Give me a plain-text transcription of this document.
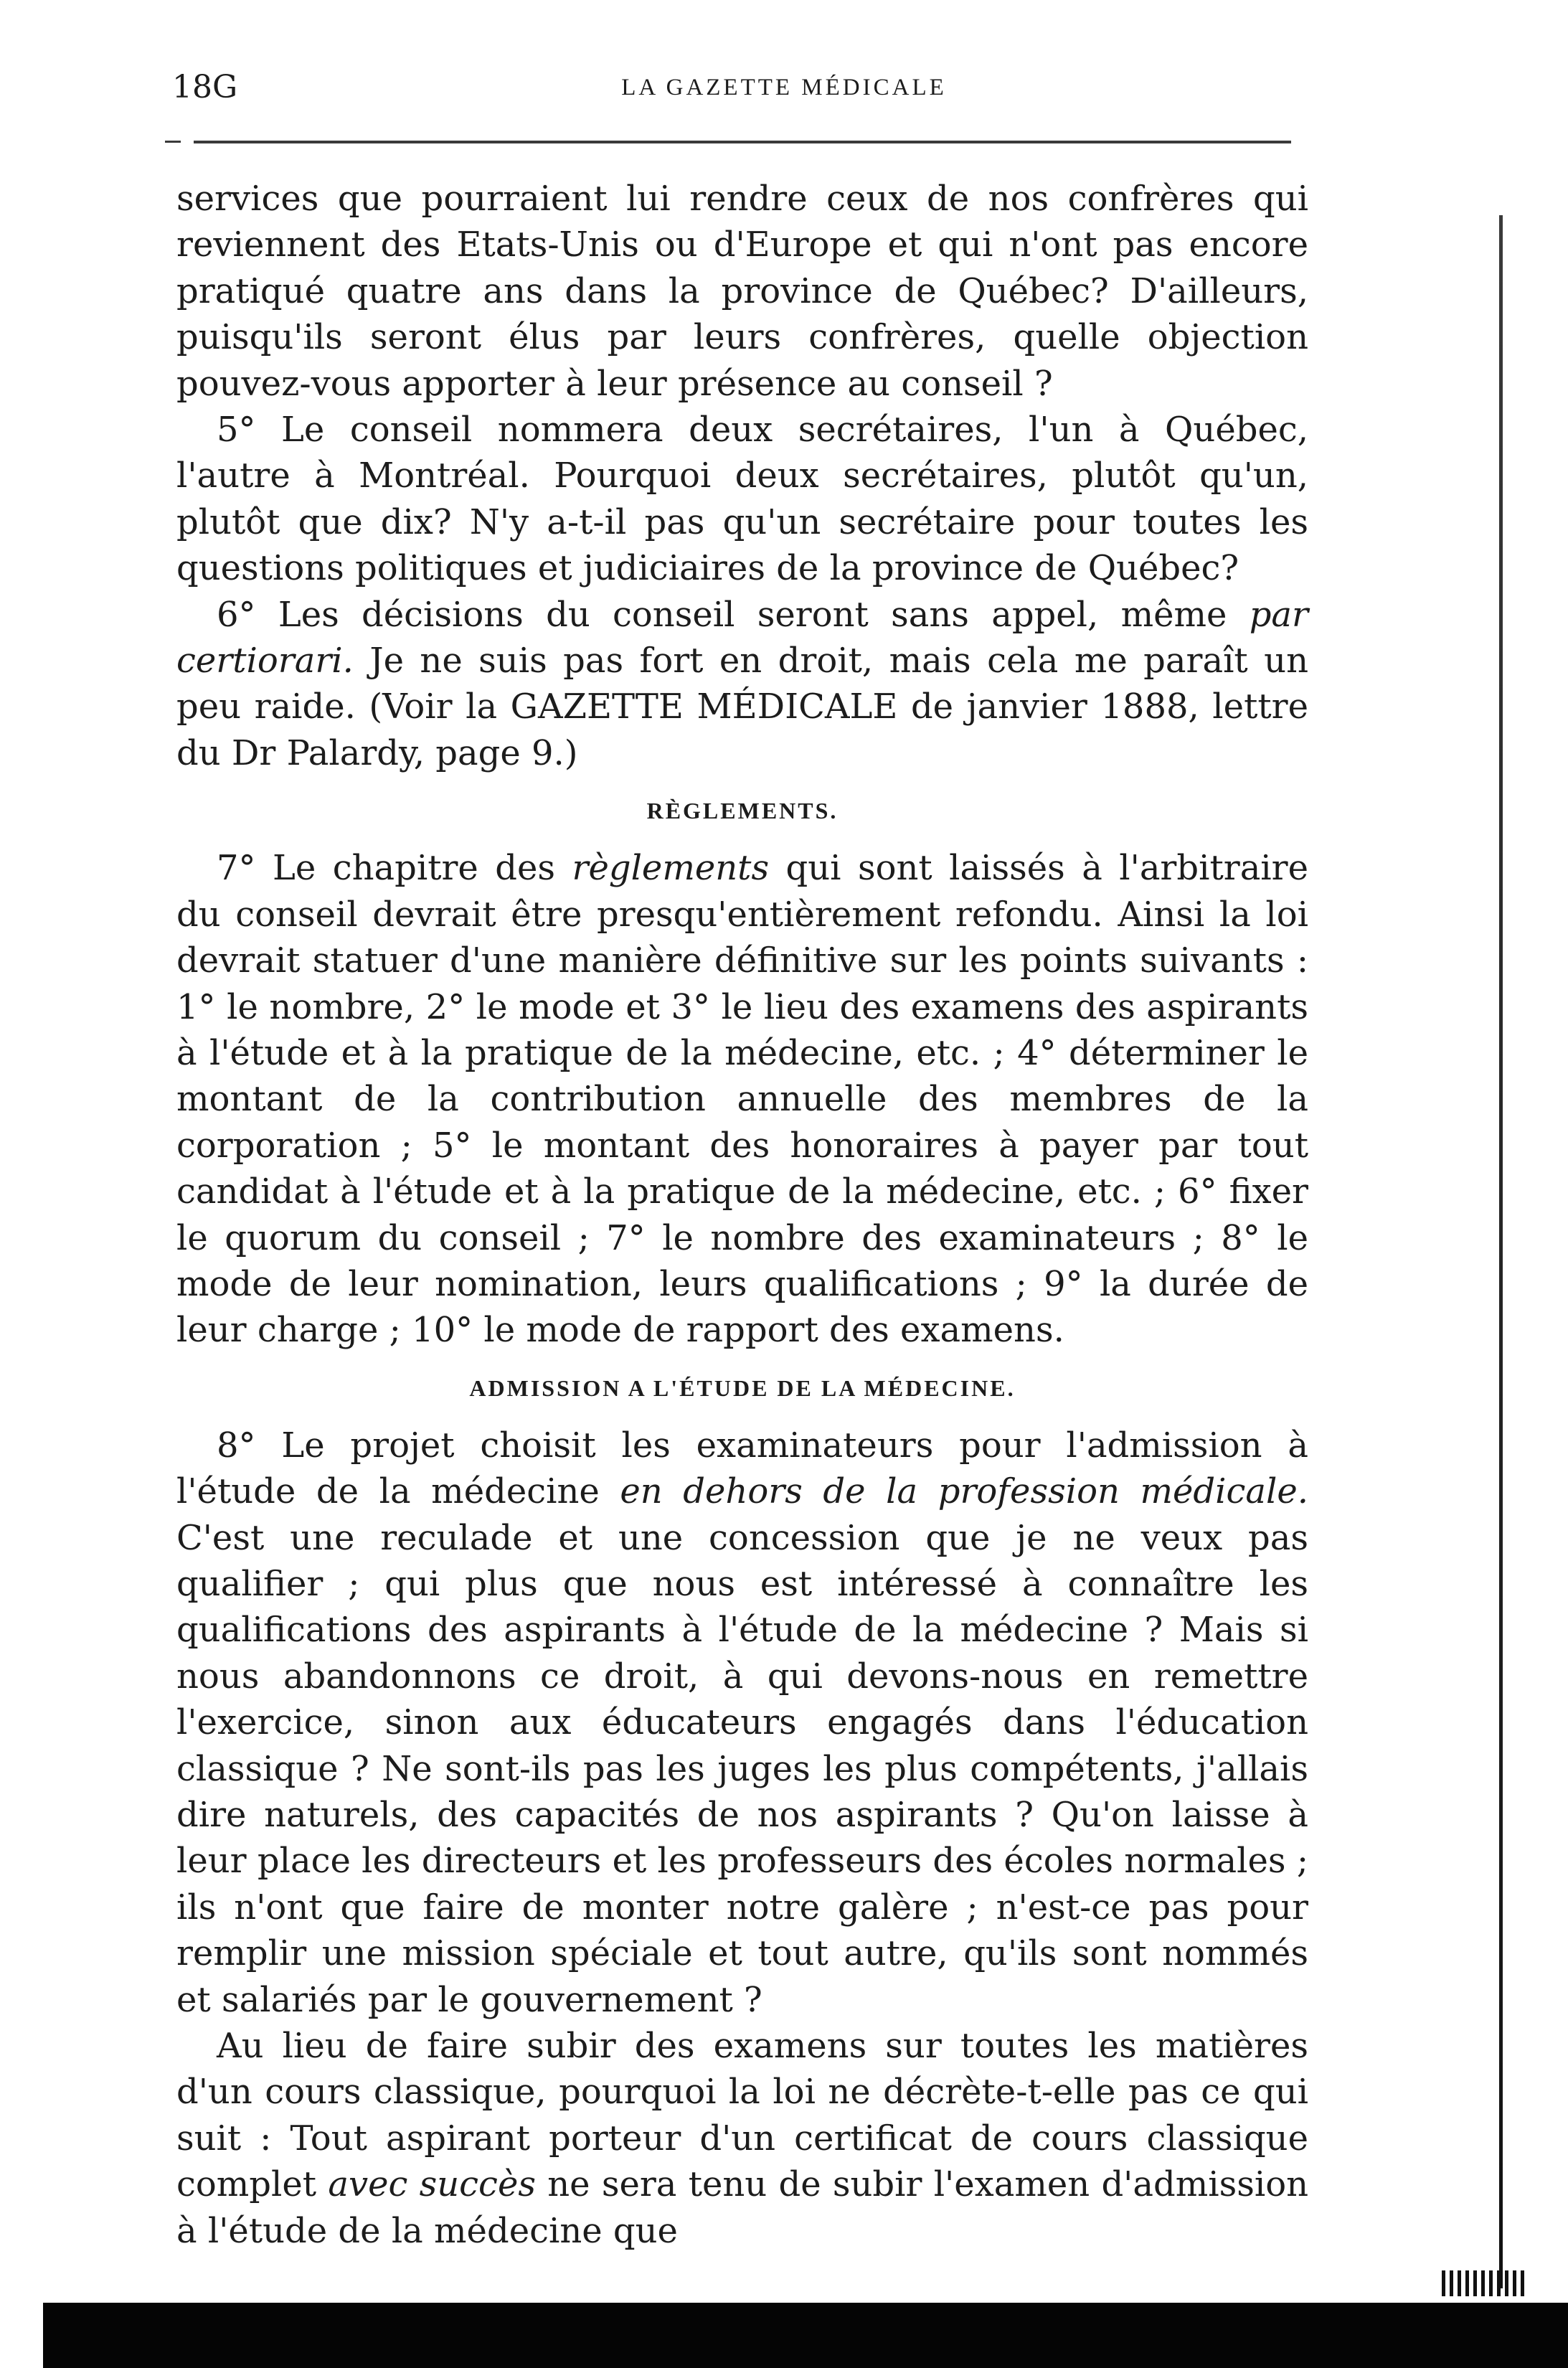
18G	LA GAZETTE MÉDICALE

services que pourraient lui rendre ceux de nos confrères qui reviennent des Etats-Unis ou d'Europe et qui n'ont pas encore pratiqué quatre ans dans la province de Québec? D'ailleurs, puisqu'ils seront élus par leurs confrères, quelle objection pouvez-vous apporter à leur présence au conseil ?

5° Le conseil nommera deux secrétaires, l'un à Québec, l'autre à Montréal. Pourquoi deux secrétaires, plutôt qu'un, plutôt que dix? N'y a-t-il pas qu'un secrétaire pour toutes les questions politiques et judiciaires de la province de Québec?

6° Les décisions du conseil seront sans appel, même par certiorari. Je ne suis pas fort en droit, mais cela me paraît un peu raide. (Voir la GAZETTE MÉDICALE de janvier 1888, lettre du Dr Palardy, page 9.)

RÈGLEMENTS.

7° Le chapitre des règlements qui sont laissés à l'arbitraire du conseil devrait être presqu'entièrement refondu. Ainsi la loi devrait statuer d'une manière définitive sur les points suivants : 1° le nombre, 2° le mode et 3° le lieu des examens des aspirants à l'étude et à la pratique de la médecine, etc. ; 4° déterminer le montant de la contribution annuelle des membres de la corporation ; 5° le montant des honoraires à payer par tout candidat à l'étude et à la pratique de la médecine, etc. ; 6° fixer le quorum du conseil ; 7° le nombre des examinateurs ; 8° le mode de leur nomination, leurs qualifications ; 9° la durée de leur charge ; 10° le mode de rapport des examens.

ADMISSION A L'ÉTUDE DE LA MÉDECINE.

8° Le projet choisit les examinateurs pour l'admission à l'étude de la médecine en dehors de la profession médicale. C'est une reculade et une concession que je ne veux pas qualifier ; qui plus que nous est intéressé à connaître les qualifications des aspirants à l'étude de la médecine ? Mais si nous abandonnons ce droit, à qui devons-nous en remettre l'exercice, sinon aux éducateurs engagés dans l'éducation classique ? Ne sont-ils pas les juges les plus compétents, j'allais dire naturels, des capacités de nos aspirants ? Qu'on laisse à leur place les directeurs et les professeurs des écoles normales ; ils n'ont que faire de monter notre galère ; n'est-ce pas pour remplir une mission spéciale et tout autre, qu'ils sont nommés et salariés par le gouvernement ?

Au lieu de faire subir des examens sur toutes les matières d'un cours classique, pourquoi la loi ne décrète-t-elle pas ce qui suit : Tout aspirant porteur d'un certificat de cours classique complet avec succès ne sera tenu de subir l'examen d'admission à l'étude de la médecine que
